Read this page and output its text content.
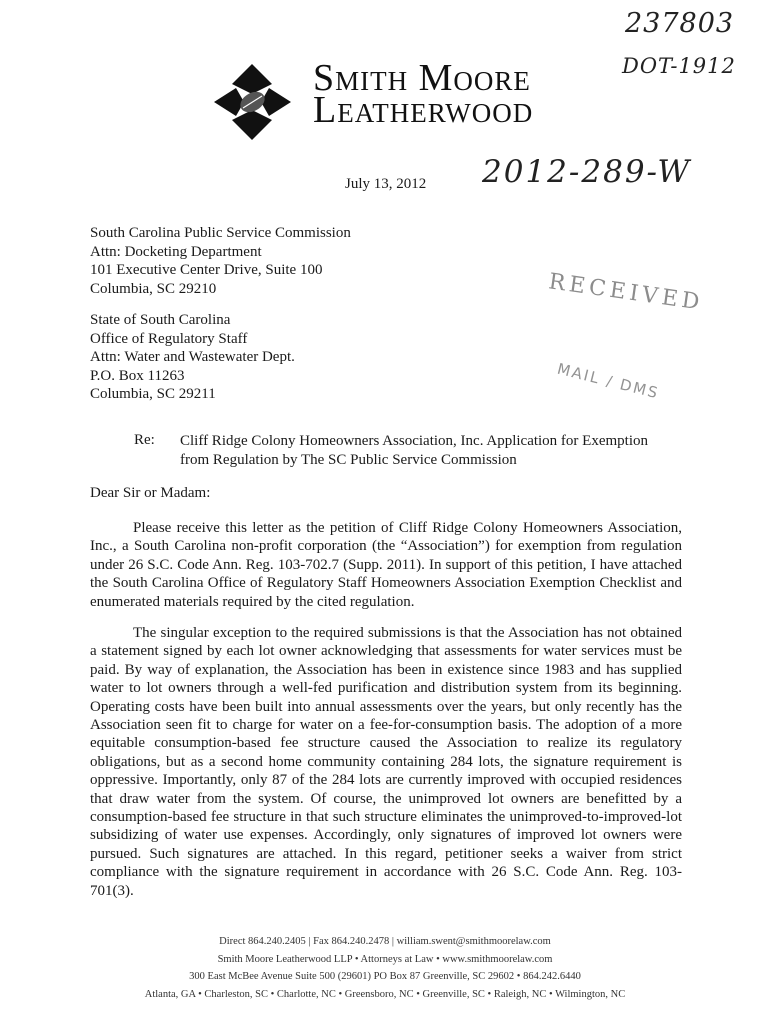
237803
DOT-1912
Smith Moore
Leatherwood
July 13, 2012 2012-289-W
South Carolina Public Service Commission
Attn: Docketing Department
101 Executive Center Drive, Suite 100
Columbia, SC 29210
State of South Carolina
Office of Regulatory Staff
Attn: Water and Wastewater Dept.
P.O. Box 11263
Columbia, SC 29211
RECEIVED
MAIL / DMS
Re: Cliff Ridge Colony Homeowners Association, Inc. Application for Exemption from Regulation by The SC Public Service Commission
Dear Sir or Madam:

Please receive this letter as the petition of Cliff Ridge Colony Homeowners Association, Inc., a South Carolina non-profit corporation (the “Association”) for exemption from regulation under 26 S.C. Code Ann. Reg. 103-702.7 (Supp. 2011). In support of this petition, I have attached the South Carolina Office of Regulatory Staff Homeowners Association Exemption Checklist and enumerated materials required by the cited regulation.

The singular exception to the required submissions is that the Association has not obtained a statement signed by each lot owner acknowledging that assessments for water services must be paid. By way of explanation, the Association has been in existence since 1983 and has supplied water to lot owners through a well-fed purification and distribution system from its beginning. Operating costs have been built into annual assessments over the years, but only recently has the Association seen fit to charge for water on a fee-for-consumption basis. The adoption of a more equitable consumption-based fee structure caused the Association to realize its regulatory obligations, but as a second home community containing 284 lots, the signature requirement is oppressive. Importantly, only 87 of the 284 lots are currently improved with occupied residences that draw water from the system. Of course, the unimproved lot owners are benefitted by a consumption-based fee structure in that such structure eliminates the unimproved-to-improved-lot subsidizing of water use expenses. Accordingly, only signatures of improved lot owners were pursued. Such signatures are attached. In this regard, petitioner seeks a waiver from strict compliance with the signature requirement in accordance with 26 S.C. Code Ann. Reg. 103-701(3).

Direct 864.240.2405 | Fax 864.240.2478 | william.swent@smithmoorelaw.com
Smith Moore Leatherwood LLP • Attorneys at Law • www.smithmoorelaw.com
300 East McBee Avenue Suite 500 (29601) PO Box 87 Greenville, SC 29602 • 864.242.6440
Atlanta, GA • Charleston, SC • Charlotte, NC • Greensboro, NC • Greenville, SC • Raleigh, NC • Wilmington, NC
